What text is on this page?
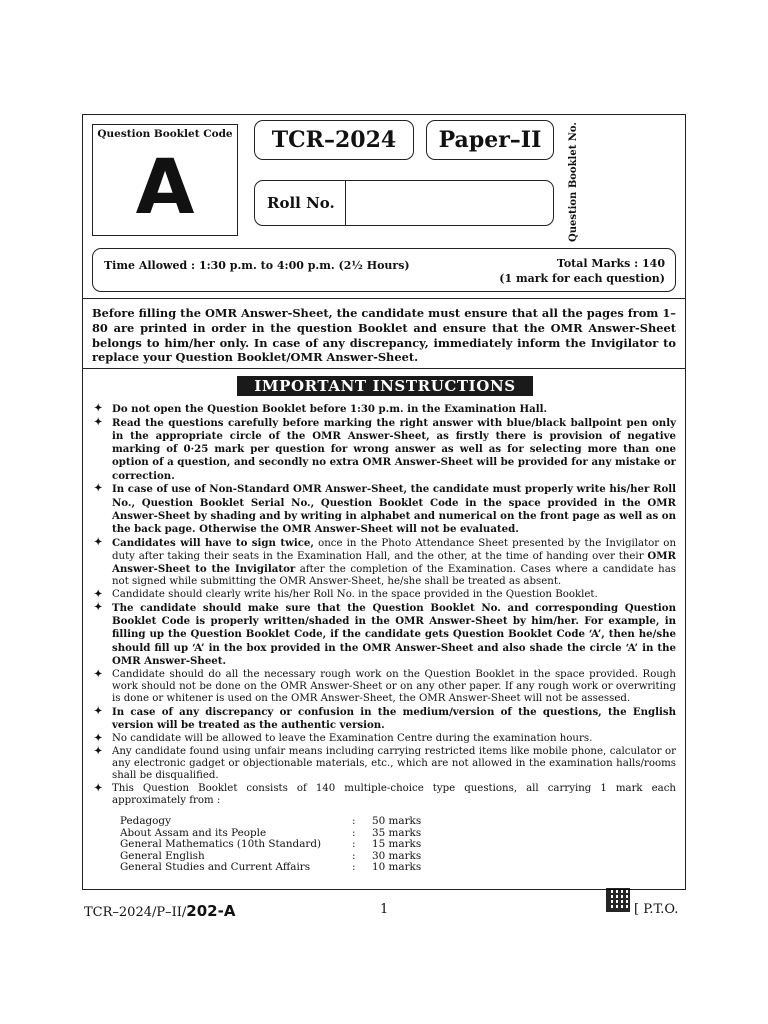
Question Booklet Code
A
TCR–2024	Paper–II
Roll No.	Question Booklet No.
Time Allowed : 1:30 p.m. to 4:00 p.m. (2½ Hours)	Total Marks : 140
(1 mark for each question)
Before filling the OMR Answer-Sheet, the candidate must ensure that all the pages from 1–80 are printed in order in the question Booklet and ensure that the OMR Answer-Sheet belongs to him/her only. In case of any discrepancy, immediately inform the Invigilator to replace your Question Booklet/OMR Answer-Sheet.
IMPORTANT INSTRUCTIONS
✦ Do not open the Question Booklet before 1:30 p.m. in the Examination Hall.
✦ Read the questions carefully before marking the right answer with blue/black ballpoint pen only in the appropriate circle of the OMR Answer-Sheet, as firstly there is provision of negative marking of 0·25 mark per question for wrong answer as well as for selecting more than one option of a question, and secondly no extra OMR Answer-Sheet will be provided for any mistake or correction.
✦ In case of use of Non-Standard OMR Answer-Sheet, the candidate must properly write his/her Roll No., Question Booklet Serial No., Question Booklet Code in the space provided in the OMR Answer-Sheet by shading and by writing in alphabet and numerical on the front page as well as on the back page. Otherwise the OMR Answer-Sheet will not be evaluated.
✦ Candidates will have to sign twice, once in the Photo Attendance Sheet presented by the Invigilator on duty after taking their seats in the Examination Hall, and the other, at the time of handing over their OMR Answer-Sheet to the Invigilator after the completion of the Examination. Cases where a candidate has not signed while submitting the OMR Answer-Sheet, he/she shall be treated as absent.
✦ Candidate should clearly write his/her Roll No. in the space provided in the Question Booklet.
✦ The candidate should make sure that the Question Booklet No. and corresponding Question Booklet Code is properly written/shaded in the OMR Answer-Sheet by him/her. For example, in filling up the Question Booklet Code, if the candidate gets Question Booklet Code ‘A’, then he/she should fill up ‘A’ in the box provided in the OMR Answer-Sheet and also shade the circle ‘A’ in the OMR Answer-Sheet.
✦ Candidate should do all the necessary rough work on the Question Booklet in the space provided. Rough work should not be done on the OMR Answer-Sheet or on any other paper. If any rough work or overwriting is done or whitener is used on the OMR Answer-Sheet, the OMR Answer-Sheet will not be assessed.
✦ In case of any discrepancy or confusion in the medium/version of the questions, the English version will be treated as the authentic version.
✦ No candidate will be allowed to leave the Examination Centre during the examination hours.
✦ Any candidate found using unfair means including carrying restricted items like mobile phone, calculator or any electronic gadget or objectionable materials, etc., which are not allowed in the examination halls/rooms shall be disqualified.
✦ This Question Booklet consists of 140 multiple-choice type questions, all carrying 1 mark each approximately from :
Pedagogy	:	50 marks
About Assam and its People	:	35 marks
General Mathematics (10th Standard)	:	15 marks
General English	:	30 marks
General Studies and Current Affairs	:	10 marks
TCR–2024/P–II/202-A	1	[ P.T.O.
